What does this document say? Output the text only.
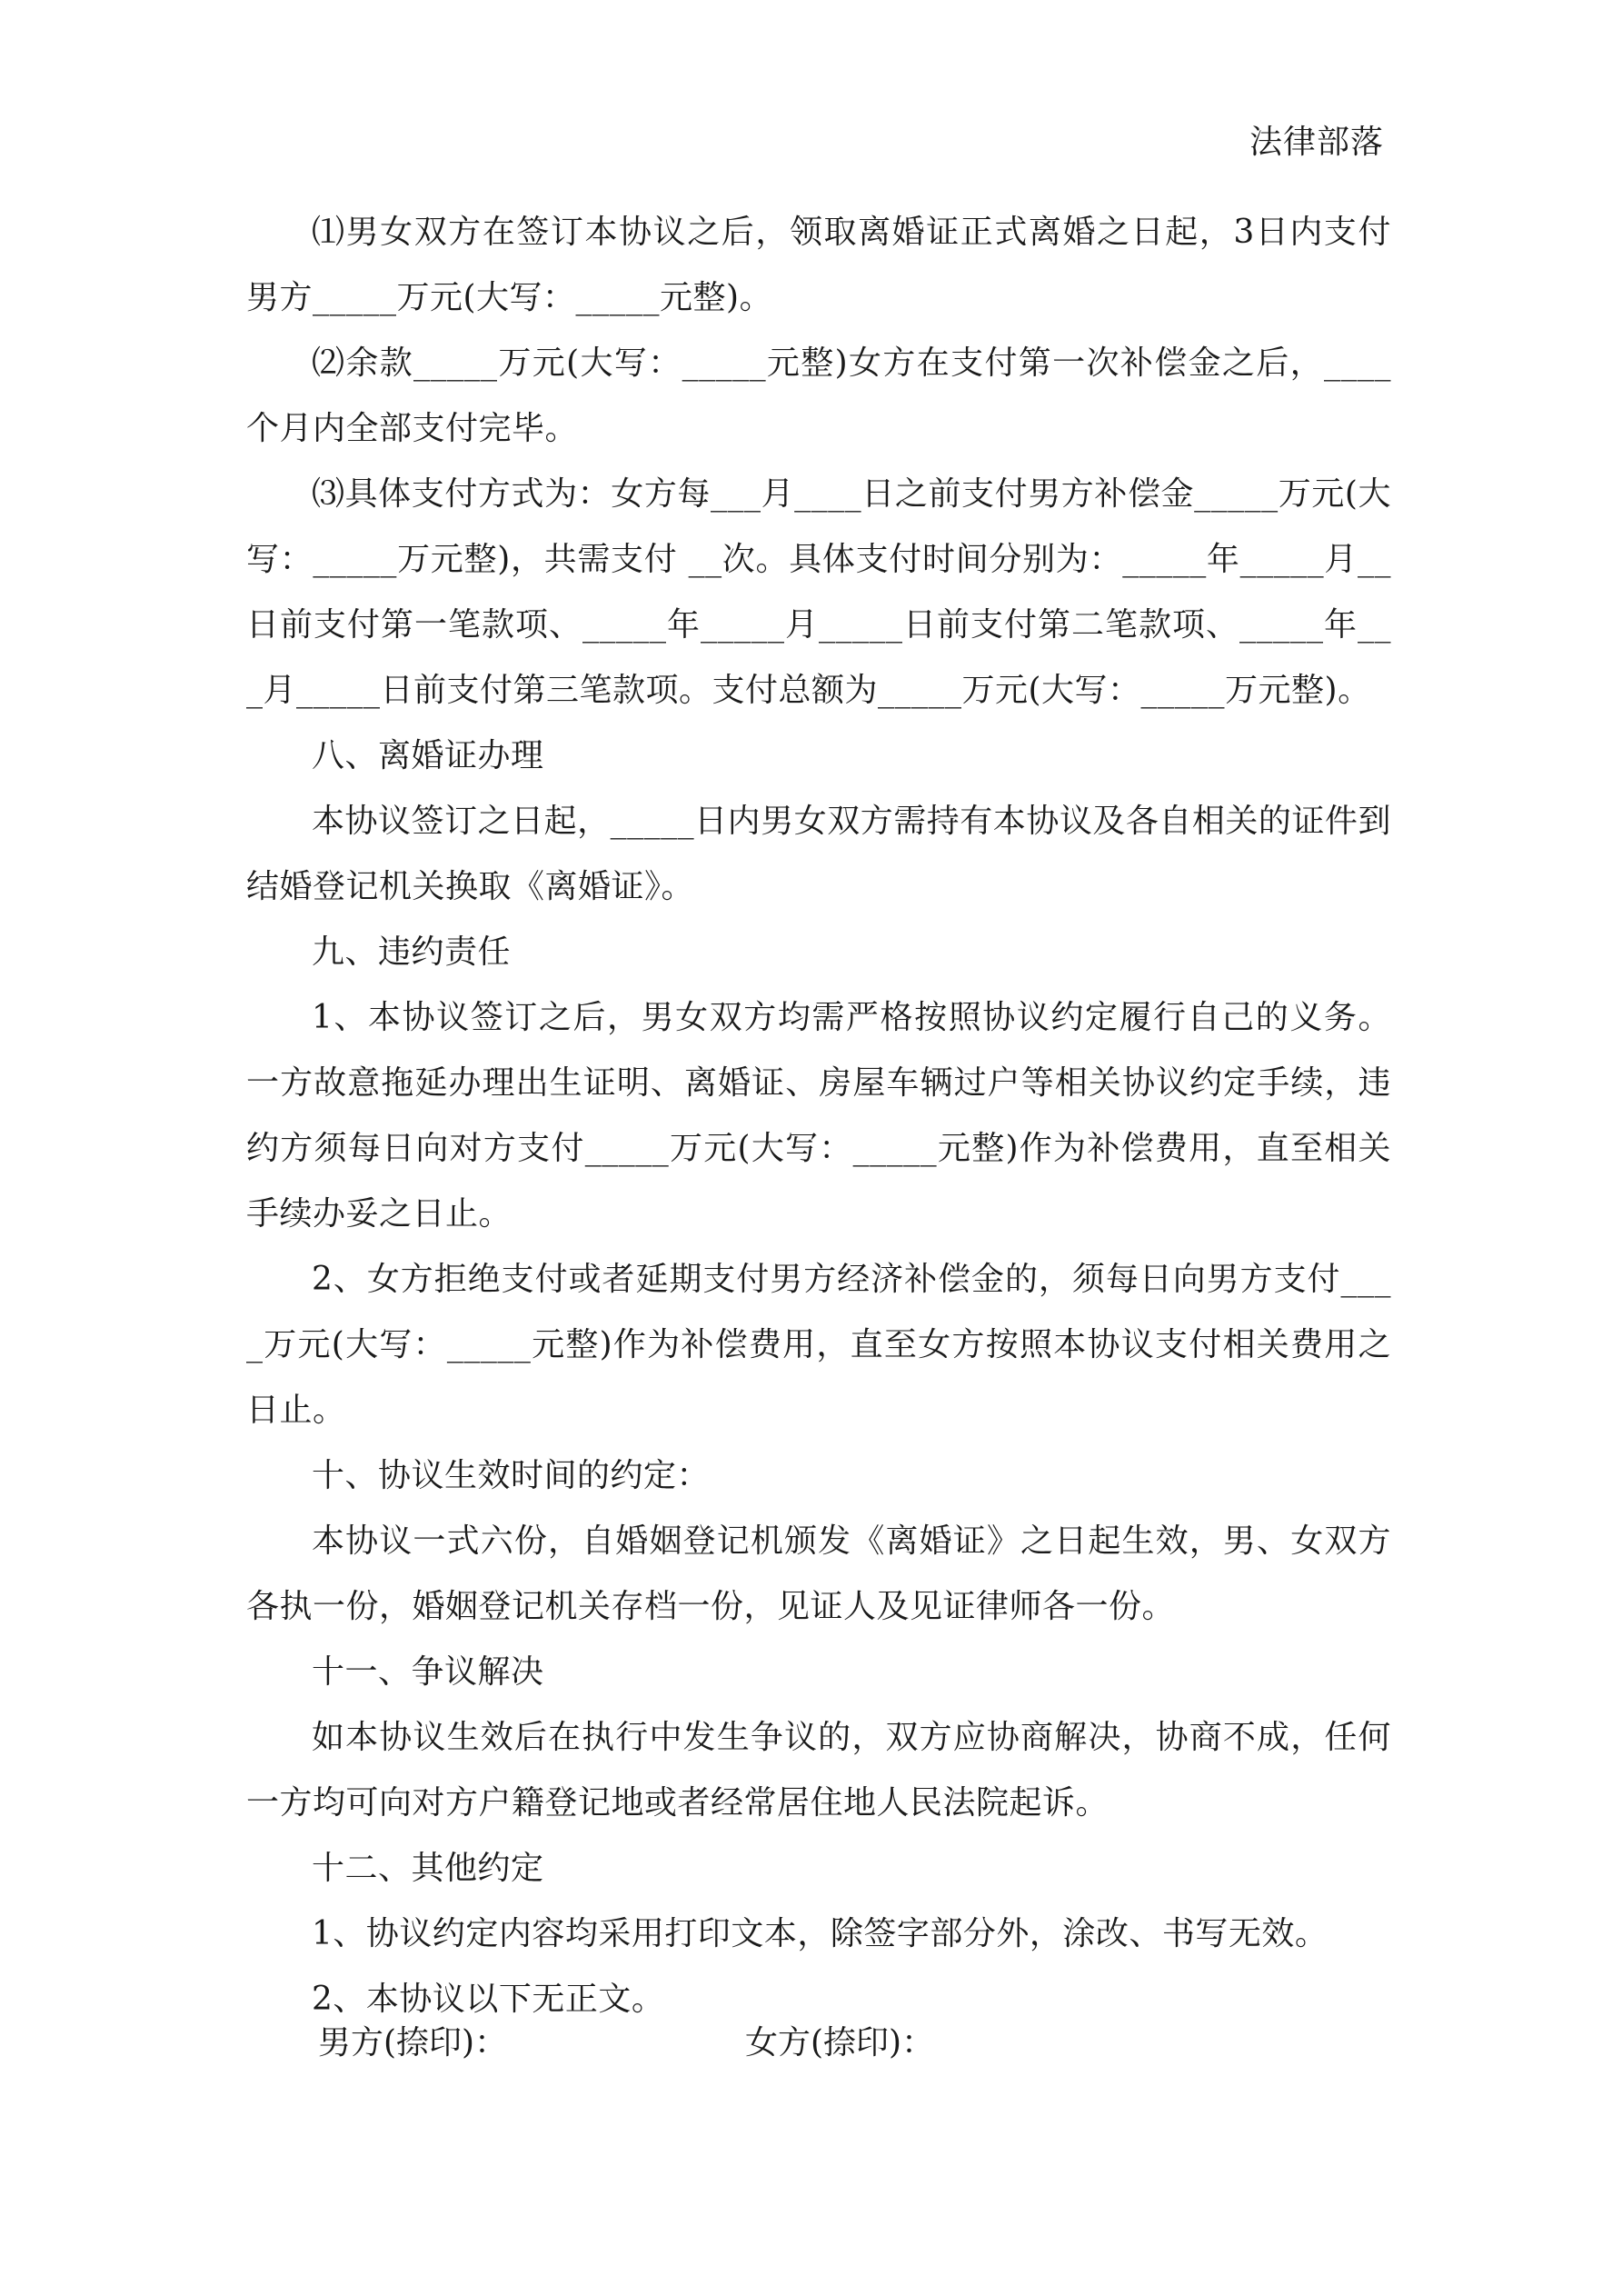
法律部落

⑴男女双方在签订本协议之后，领取离婚证正式离婚之日起，3日内支付男方_____万元(大写：_____元整)。

⑵余款_____万元(大写：_____元整)女方在支付第一次补偿金之后，____个月内全部支付完毕。

⑶具体支付方式为：女方每___月____日之前支付男方补偿金_____万元(大写：_____万元整)，共需支付 __次。具体支付时间分别为：_____年_____月__日前支付第一笔款项、_____年_____月_____日前支付第二笔款项、_____年___月_____日前支付第三笔款项。支付总额为_____万元(大写：_____万元整)。

八、离婚证办理

本协议签订之日起，_____日内男女双方需持有本协议及各自相关的证件到结婚登记机关换取《离婚证》。

九、违约责任

1、本协议签订之后，男女双方均需严格按照协议约定履行自己的义务。一方故意拖延办理出生证明、离婚证、房屋车辆过户等相关协议约定手续，违约方须每日向对方支付_____万元(大写：_____元整)作为补偿费用，直至相关手续办妥之日止。

2、女方拒绝支付或者延期支付男方经济补偿金的，须每日向男方支付____万元(大写：_____元整)作为补偿费用，直至女方按照本协议支付相关费用之日止。

十、协议生效时间的约定：

本协议一式六份，自婚姻登记机颁发《离婚证》之日起生效，男、女双方各执一份，婚姻登记机关存档一份，见证人及见证律师各一份。

十一、争议解决

如本协议生效后在执行中发生争议的，双方应协商解决，协商不成，任何一方均可向对方户籍登记地或者经常居住地人民法院起诉。

十二、其他约定

1、协议约定内容均采用打印文本，除签字部分外，涂改、书写无效。

2、本协议以下无正文。

男方(捺印)：	女方(捺印)：
